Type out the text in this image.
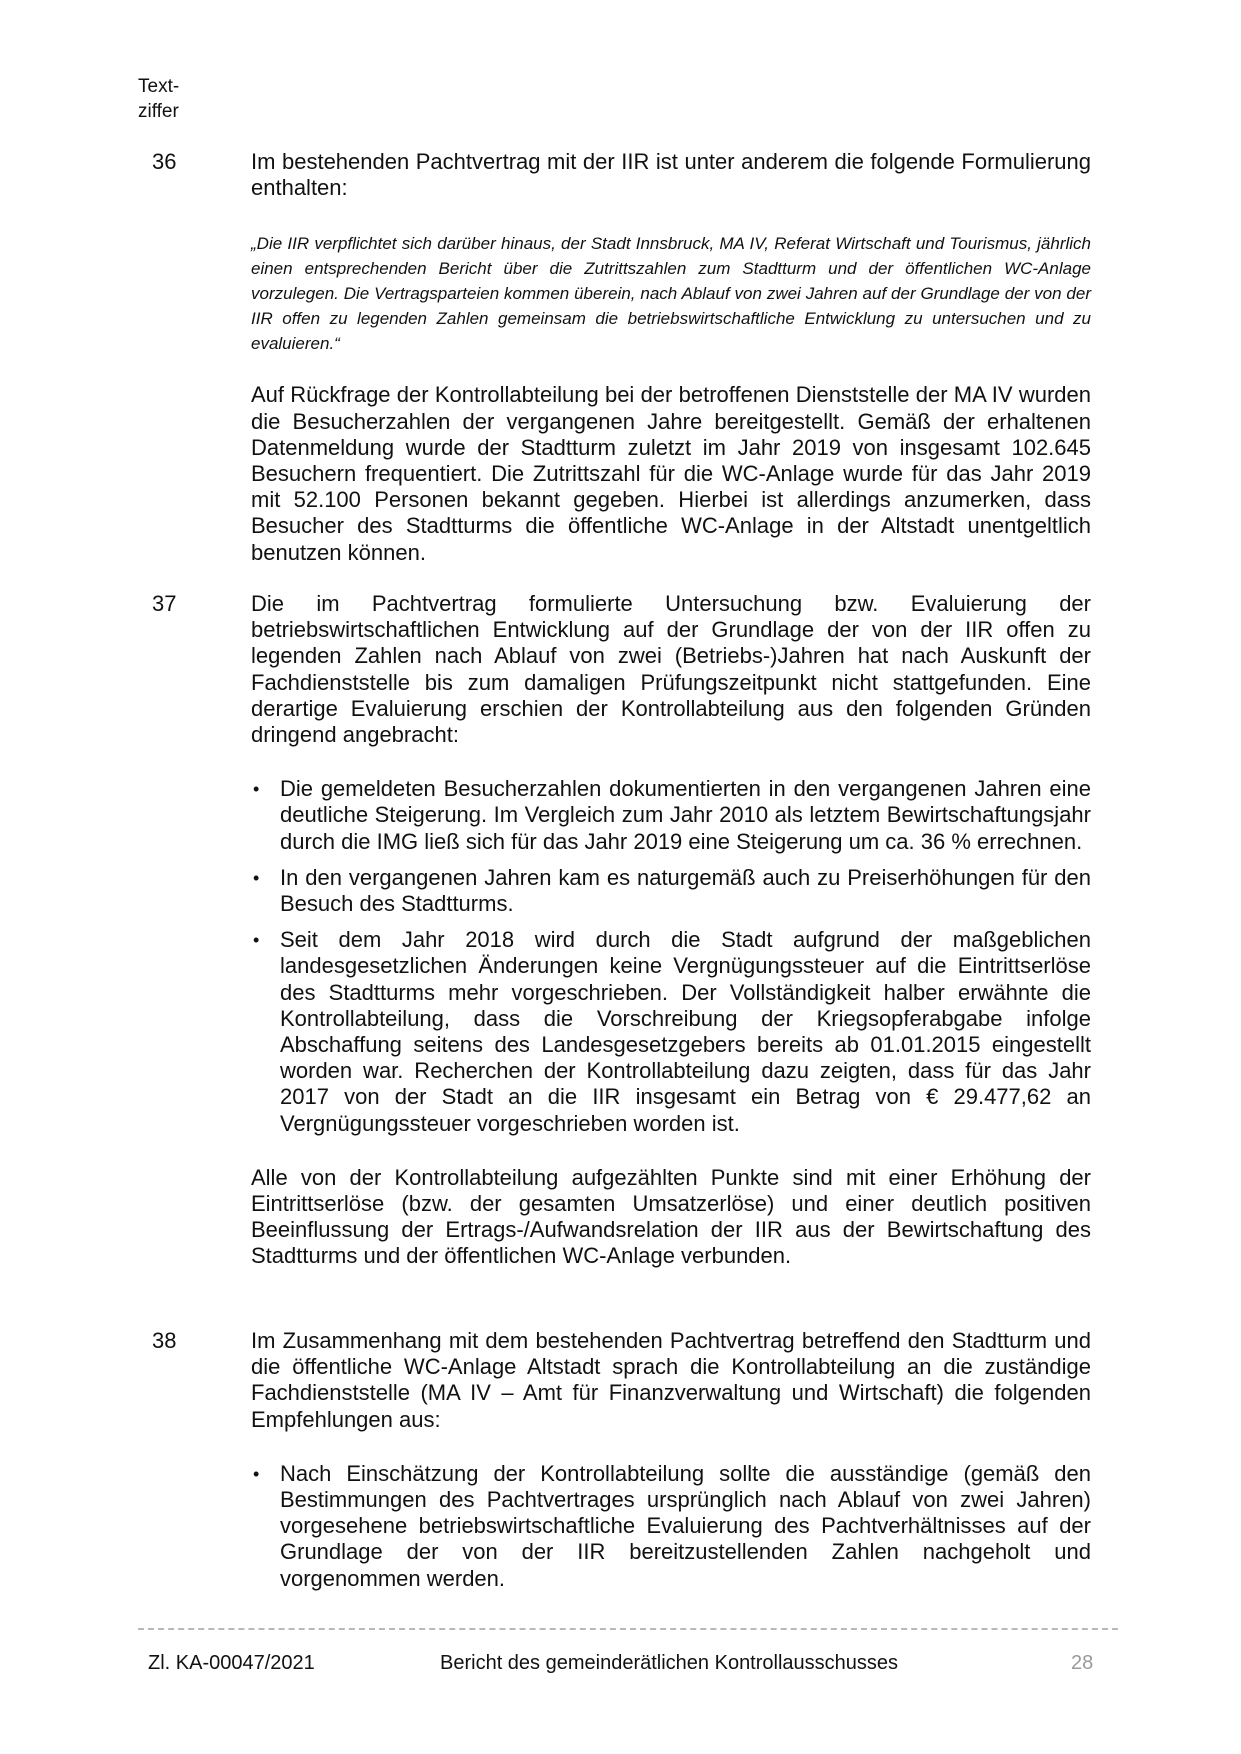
Text-
ziffer
36	Im bestehenden Pachtvertrag mit der IIR ist unter anderem die folgende Formulierung enthalten:

„Die IIR verpflichtet sich darüber hinaus, der Stadt Innsbruck, MA IV, Referat Wirtschaft und Tourismus, jährlich einen entsprechenden Bericht über die Zutrittszahlen zum Stadtturm und der öffentlichen WC-Anlage vorzulegen. Die Vertragsparteien kommen überein, nach Ablauf von zwei Jahren auf der Grundlage der von der IIR offen zu legenden Zahlen gemeinsam die betriebswirtschaftliche Entwicklung zu untersuchen und zu evaluieren.“

Auf Rückfrage der Kontrollabteilung bei der betroffenen Dienststelle der MA IV wurden die Besucherzahlen der vergangenen Jahre bereitgestellt. Gemäß der erhaltenen Datenmeldung wurde der Stadtturm zuletzt im Jahr 2019 von insgesamt 102.645 Besuchern frequentiert. Die Zutrittszahl für die WC-Anlage wurde für das Jahr 2019 mit 52.100 Personen bekannt gegeben. Hierbei ist allerdings anzumerken, dass Besucher des Stadtturms die öffentliche WC-Anlage in der Altstadt unentgeltlich benutzen können.

37	Die im Pachtvertrag formulierte Untersuchung bzw. Evaluierung der betriebswirtschaftlichen Entwicklung auf der Grundlage der von der IIR offen zu legenden Zahlen nach Ablauf von zwei (Betriebs-)Jahren hat nach Auskunft der Fachdienststelle bis zum damaligen Prüfungszeitpunkt nicht stattgefunden. Eine derartige Evaluierung erschien der Kontrollabteilung aus den folgenden Gründen dringend angebracht:

• Die gemeldeten Besucherzahlen dokumentierten in den vergangenen Jahren eine deutliche Steigerung. Im Vergleich zum Jahr 2010 als letztem Bewirtschaftungsjahr durch die IMG ließ sich für das Jahr 2019 eine Steigerung um ca. 36 % errechnen.
• In den vergangenen Jahren kam es naturgemäß auch zu Preiserhöhungen für den Besuch des Stadtturms.
• Seit dem Jahr 2018 wird durch die Stadt aufgrund der maßgeblichen landesgesetzlichen Änderungen keine Vergnügungssteuer auf die Eintrittserlöse des Stadtturms mehr vorgeschrieben. Der Vollständigkeit halber erwähnte die Kontrollabteilung, dass die Vorschreibung der Kriegsopferabgabe infolge Abschaffung seitens des Landesgesetzgebers bereits ab 01.01.2015 eingestellt worden war. Recherchen der Kontrollabteilung dazu zeigten, dass für das Jahr 2017 von der Stadt an die IIR insgesamt ein Betrag von € 29.477,62 an Vergnügungssteuer vorgeschrieben worden ist.

Alle von der Kontrollabteilung aufgezählten Punkte sind mit einer Erhöhung der Eintrittserlöse (bzw. der gesamten Umsatzerlöse) und einer deutlich positiven Beeinflussung der Ertrags-/Aufwandsrelation der IIR aus der Bewirtschaftung des Stadtturms und der öffentlichen WC-Anlage verbunden.

38	Im Zusammenhang mit dem bestehenden Pachtvertrag betreffend den Stadtturm und die öffentliche WC-Anlage Altstadt sprach die Kontrollabteilung an die zuständige Fachdienststelle (MA IV – Amt für Finanzverwaltung und Wirtschaft) die folgenden Empfehlungen aus:

• Nach Einschätzung der Kontrollabteilung sollte die ausständige (gemäß den Bestimmungen des Pachtvertrages ursprünglich nach Ablauf von zwei Jahren) vorgesehene betriebswirtschaftliche Evaluierung des Pachtverhältnisses auf der Grundlage der von der IIR bereitzustellenden Zahlen nachgeholt und vorgenommen werden.
Zl. KA-00047/2021	Bericht des gemeinderätlichen Kontrollausschusses	28
